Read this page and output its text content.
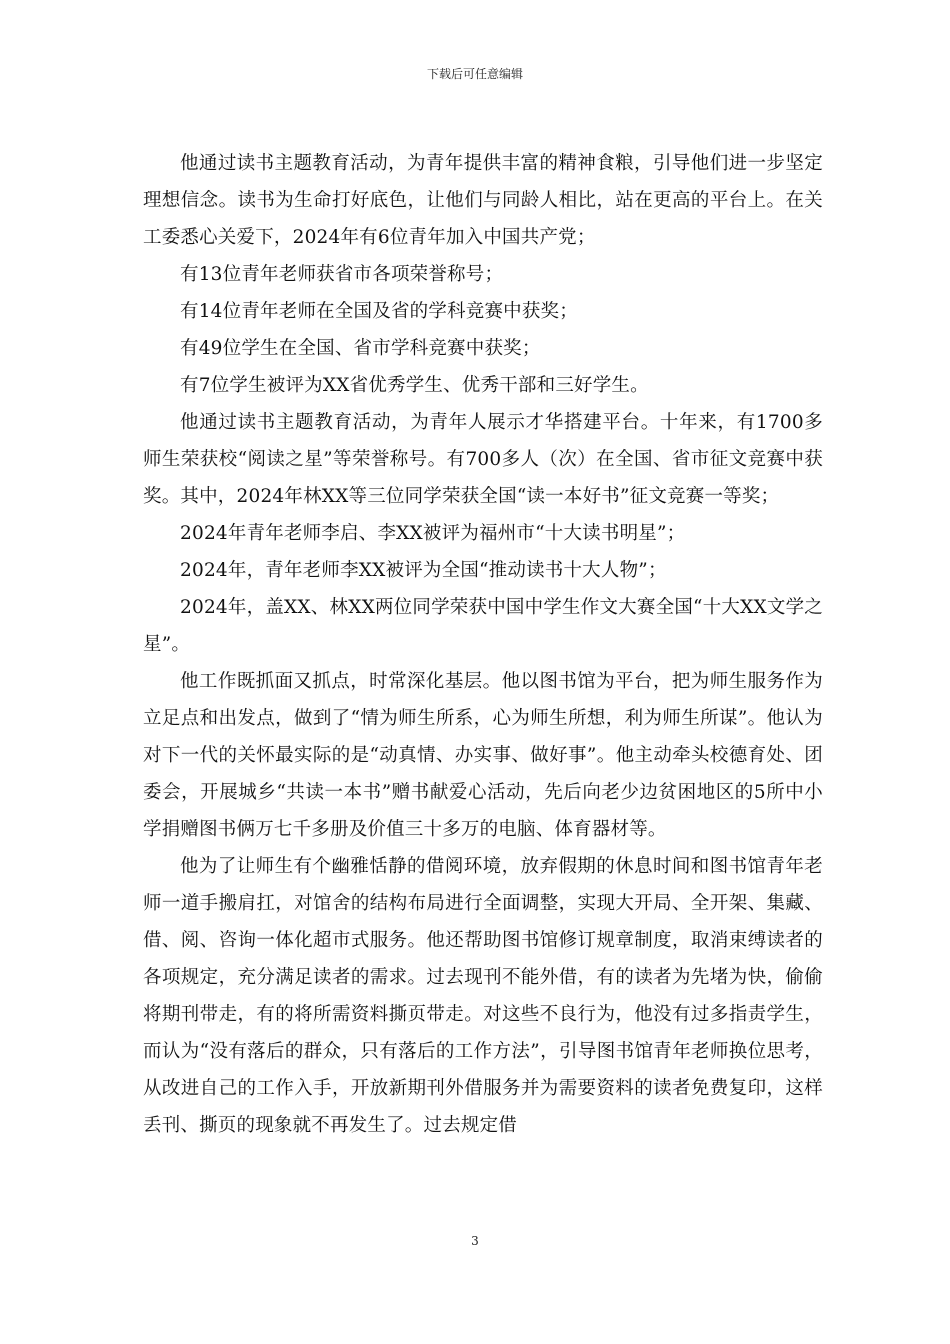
下载后可任意编辑

他通过读书主题教育活动，为青年提供丰富的精神食粮，引导他们进一步坚定理想信念。读书为生命打好底色，让他们与同龄人相比，站在更高的平台上。在关工委悉心关爱下，2024年有6位青年加入中国共产党；

有13位青年老师获省市各项荣誉称号；

有14位青年老师在全国及省的学科竞赛中获奖；

有49位学生在全国、省市学科竞赛中获奖；

有7位学生被评为XX省优秀学生、优秀干部和三好学生。

他通过读书主题教育活动，为青年人展示才华搭建平台。十年来，有1700多师生荣获校“阅读之星”等荣誉称号。有700多人（次）在全国、省市征文竞赛中获奖。其中，2024年林XX等三位同学荣获全国“读一本好书”征文竞赛一等奖；

2024年青年老师李启、李XX被评为福州市“十大读书明星”；

2024年，青年老师李XX被评为全国“推动读书十大人物”；

2024年，盖XX、林XX两位同学荣获中国中学生作文大赛全国“十大XX文学之星”。

他工作既抓面又抓点，时常深化基层。他以图书馆为平台，把为师生服务作为立足点和出发点，做到了“情为师生所系，心为师生所想，利为师生所谋”。他认为对下一代的关怀最实际的是“动真情、办实事、做好事”。他主动牵头校德育处、团委会，开展城乡“共读一本书”赠书献爱心活动，先后向老少边贫困地区的5所中小学捐赠图书俩万七千多册及价值三十多万的电脑、体育器材等。

他为了让师生有个幽雅恬静的借阅环境，放弃假期的休息时间和图书馆青年老师一道手搬肩扛，对馆舍的结构布局进行全面调整，实现大开局、全开架、集藏、借、阅、咨询一体化超市式服务。他还帮助图书馆修订规章制度，取消束缚读者的各项规定，充分满足读者的需求。过去现刊不能外借，有的读者为先堵为快，偷偷将期刊带走，有的将所需资料撕页带走。对这些不良行为，他没有过多指责学生，而认为“没有落后的群众，只有落后的工作方法”，引导图书馆青年老师换位思考，从改进自己的工作入手，开放新期刊外借服务并为需要资料的读者免费复印，这样丢刊、撕页的现象就不再发生了。过去规定借

3
